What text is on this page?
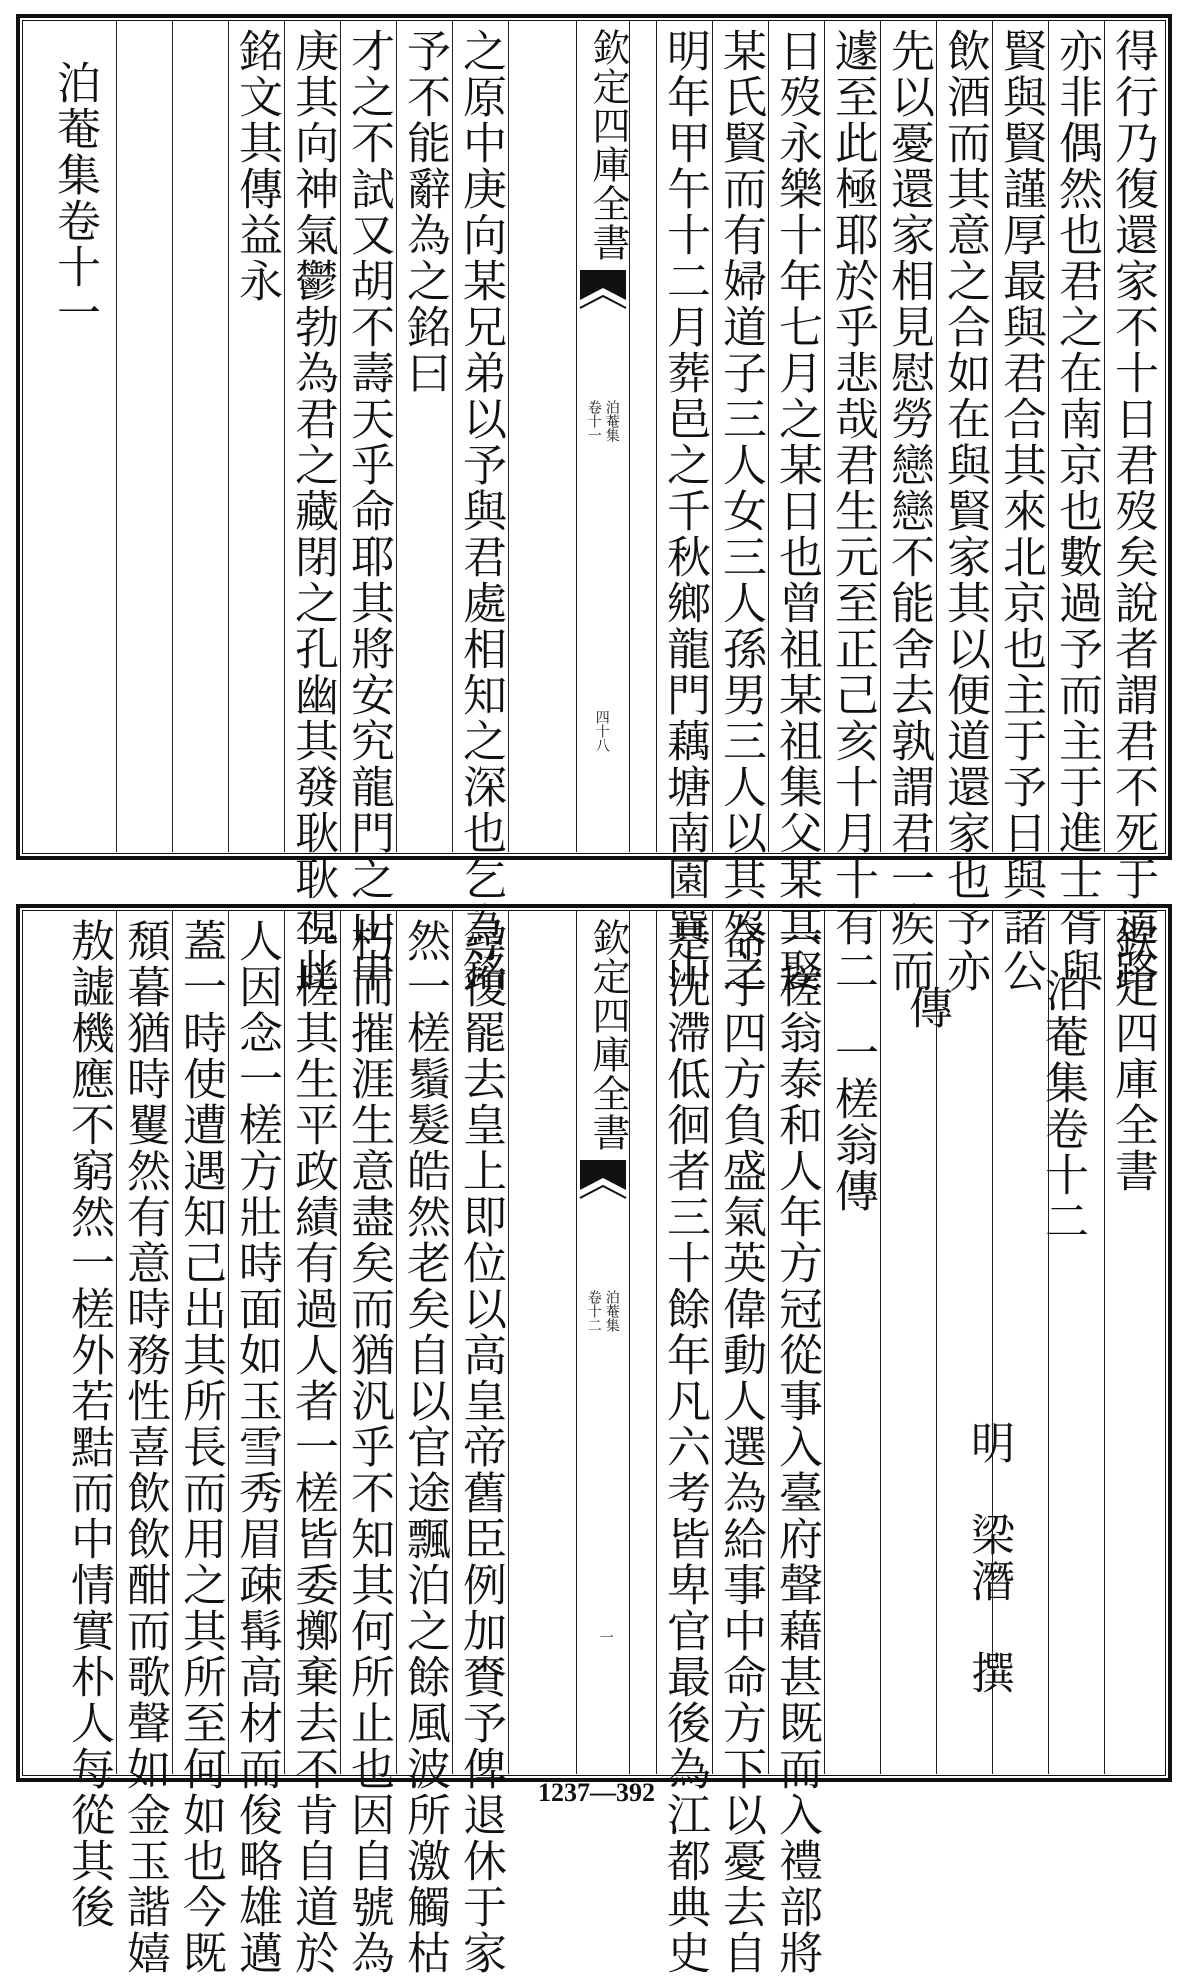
得行乃復還家不十日君歿矣說者謂君不死于道路
亦非偶然也君之在南京也數過予而主于進士胥與
賢與賢謹厚最與君合其來北京也主于予日與諸公
飲酒而其意之合如在與賢家其以便道還家也予亦
先以憂還家相見慰勞戀戀不能舍去孰謂君一疾而
遽至此極耶於乎悲哉君生元至正己亥十月十有二
日歿永樂十年七月之某日也曾祖某祖集父某其娶
某氏賢而有婦道子三人女三人孫男三人以其歿之
明年甲午十二月葬邑之千秋鄉龍門藕塘南園巽山
欽定四庫全書
泊菴集
卷十一
四十八
之原中庚向某兄弟以予與君處相知之深也乞為銘
予不能辭為之銘曰
才之不試又胡不壽天乎命耶其將安究龍門之山申
庚其向神氣鬱勃為君之藏閉之孔幽其發耿耿視此
銘文其傳益永
泊菴集卷十一
欽定四庫全書
泊菴集卷十二
明　梁潛　撰
傳
一槎翁傳
一槎翁泰和人年方冠從事入臺府聲藉甚既而入禮部將
命于四方負盛氣英偉動人選為給事中命方下以憂去自
是沈滯低徊者三十餘年凡六考皆卑官最後為江都典史
欽定四庫全書
泊菴集
卷十二
一
尋復罷去皇上即位以高皇帝舊臣例加賚予俾退休于家
然一槎鬚髮皓然老矣自以官途飄泊之餘風波所激觸枯
朽而摧涯生意盡矣而猶汎乎不知其何所止也因自號為
一槎其生平政績有過人者一槎皆委擲棄去不肯自道於
人因念一槎方壯時面如玉雪秀眉疎髯高材而俊略雄邁
蓋一時使遭遇知己出其所長而用之其所至何如也今既
頹暮猶時矍然有意時務性喜飲飲酣而歌聲如金玉諧嬉
敖譃機應不窮然一槎外若黠而中情實朴人每從其後	1237—392
